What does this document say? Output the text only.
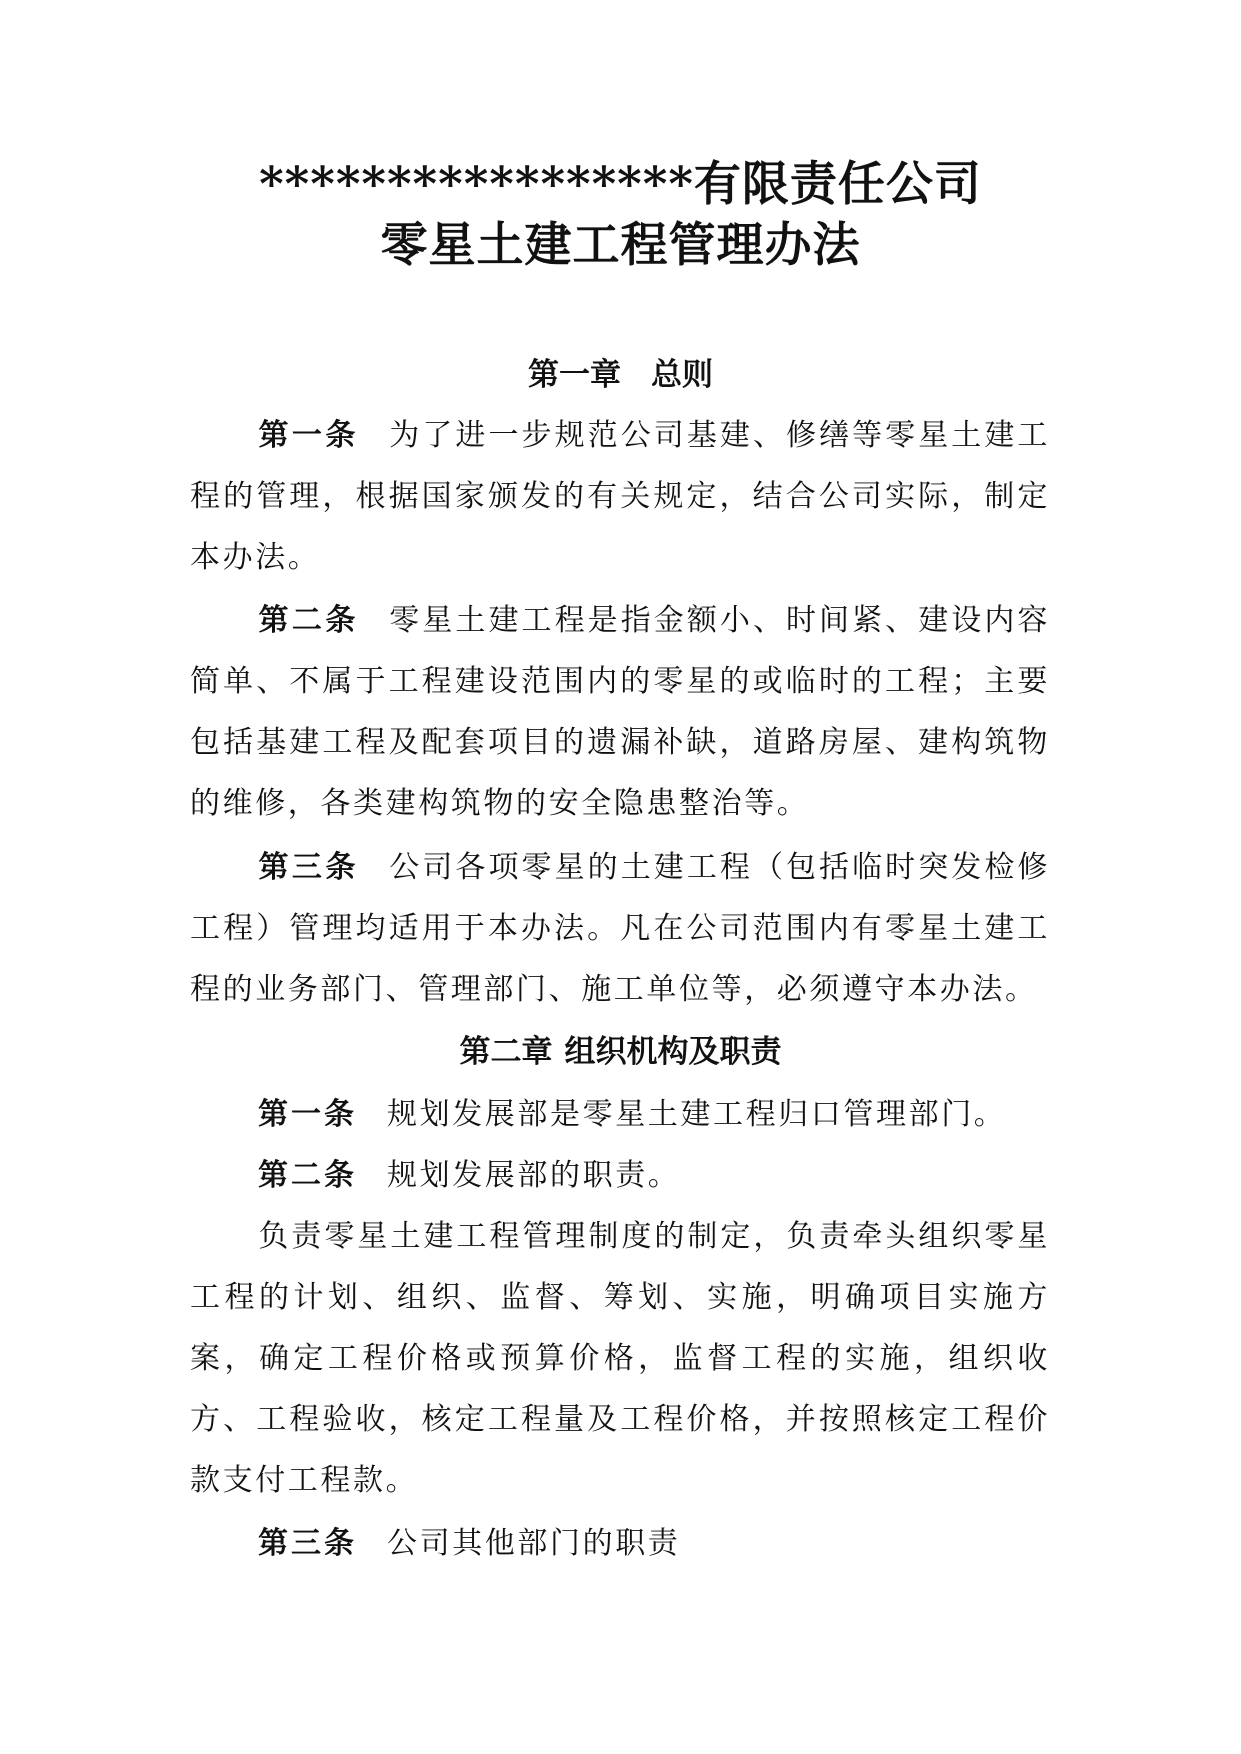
*****************有限责任公司
零星土建工程管理办法
第一章 总则

第一条 为了进一步规范公司基建、修缮等零星土建工程的管理，根据国家颁发的有关规定，结合公司实际，制定本办法。

第二条 零星土建工程是指金额小、时间紧、建设内容简单、不属于工程建设范围内的零星的或临时的工程；主要包括基建工程及配套项目的遗漏补缺，道路房屋、建构筑物的维修，各类建构筑物的安全隐患整治等。

第三条 公司各项零星的土建工程（包括临时突发检修工程）管理均适用于本办法。凡在公司范围内有零星土建工程的业务部门、管理部门、施工单位等，必须遵守本办法。

第二章 组织机构及职责

第一条 规划发展部是零星土建工程归口管理部门。

第二条 规划发展部的职责。

负责零星土建工程管理制度的制定，负责牵头组织零星工程的计划、组织、监督、筹划、实施，明确项目实施方案，确定工程价格或预算价格，监督工程的实施，组织收方、工程验收，核定工程量及工程价格，并按照核定工程价款支付工程款。

第三条 公司其他部门的职责
